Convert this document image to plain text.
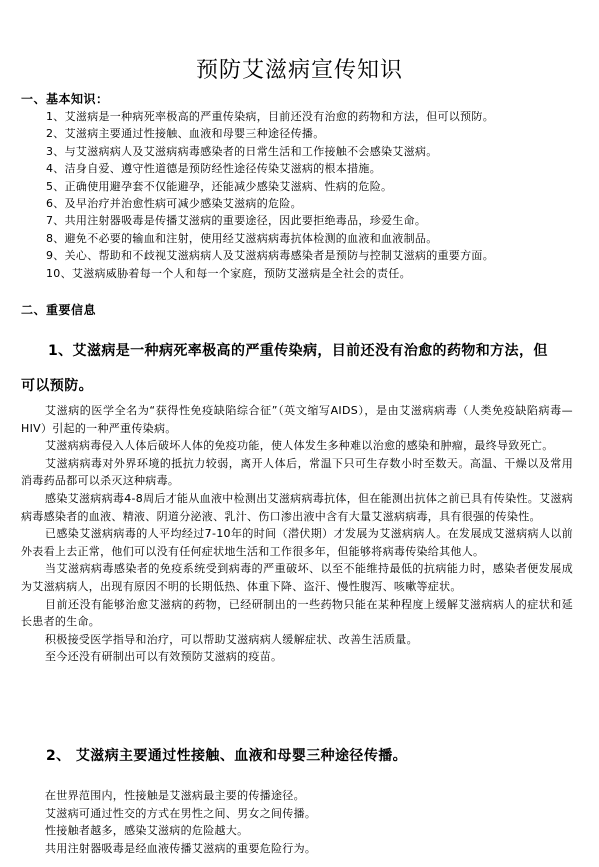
预防艾滋病宣传知识
一、基本知识：
1、艾滋病是一种病死率极高的严重传染病，目前还没有治愈的药物和方法，但可以预防。
2、艾滋病主要通过性接触、血液和母婴三种途径传播。
3、与艾滋病病人及艾滋病病毒感染者的日常生活和工作接触不会感染艾滋病。
4、洁身自爱、遵守性道德是预防经性途径传染艾滋病的根本措施。
5、正确使用避孕套不仅能避孕，还能减少感染艾滋病、性病的危险。
6、及早治疗并治愈性病可减少感染艾滋病的危险。
7、共用注射器吸毒是传播艾滋病的重要途径，因此要拒绝毒品，珍爱生命。
8、避免不必要的输血和注射，使用经艾滋病病毒抗体检测的血液和血液制品。
9、关心、帮助和不歧视艾滋病病人及艾滋病病毒感染者是预防与控制艾滋病的重要方面。
10、艾滋病威胁着每一个人和每一个家庭，预防艾滋病是全社会的责任。
二、重要信息
1、艾滋病是一种病死率极高的严重传染病，目前还没有治愈的药物和方法，但
可以预防。

艾滋病的医学全名为“获得性免疫缺陷综合征”（英文缩写AIDS），是由艾滋病病毒（人类免疫缺陷病毒—HIV）引起的一种严重传染病。

艾滋病病毒侵入人体后破坏人体的免疫功能，使人体发生多种难以治愈的感染和肿瘤，最终导致死亡。

艾滋病病毒对外界环境的抵抗力较弱，离开人体后，常温下只可生存数小时至数天。高温、干燥以及常用消毒药品都可以杀灭这种病毒。

感染艾滋病病毒4-8周后才能从血液中检测出艾滋病病毒抗体，但在能测出抗体之前已具有传染性。艾滋病病毒感染者的血液、精液、阴道分泌液、乳汁、伤口渗出液中含有大量艾滋病病毒，具有很强的传染性。

已感染艾滋病病毒的人平均经过7-10年的时间（潜伏期）才发展为艾滋病病人。在发展成艾滋病病人以前外表看上去正常，他们可以没有任何症状地生活和工作很多年，但能够将病毒传染给其他人。

当艾滋病病毒感染者的免疫系统受到病毒的严重破坏、以至不能维持最低的抗病能力时，感染者便发展成为艾滋病病人，出现有原因不明的长期低热、体重下降、盗汗、慢性腹泻、咳嗽等症状。

目前还没有能够治愈艾滋病的药物，已经研制出的一些药物只能在某种程度上缓解艾滋病病人的症状和延长患者的生命。

积极接受医学指导和治疗，可以帮助艾滋病病人缓解症状、改善生活质量。

至今还没有研制出可以有效预防艾滋病的疫苗。

2、 艾滋病主要通过性接触、血液和母婴三种途径传播。
在世界范围内，性接触是艾滋病最主要的传播途径。
艾滋病可通过性交的方式在男性之间、男女之间传播。
性接触者越多，感染艾滋病的危险越大。
共用注射器吸毒是经血液传播艾滋病的重要危险行为。
